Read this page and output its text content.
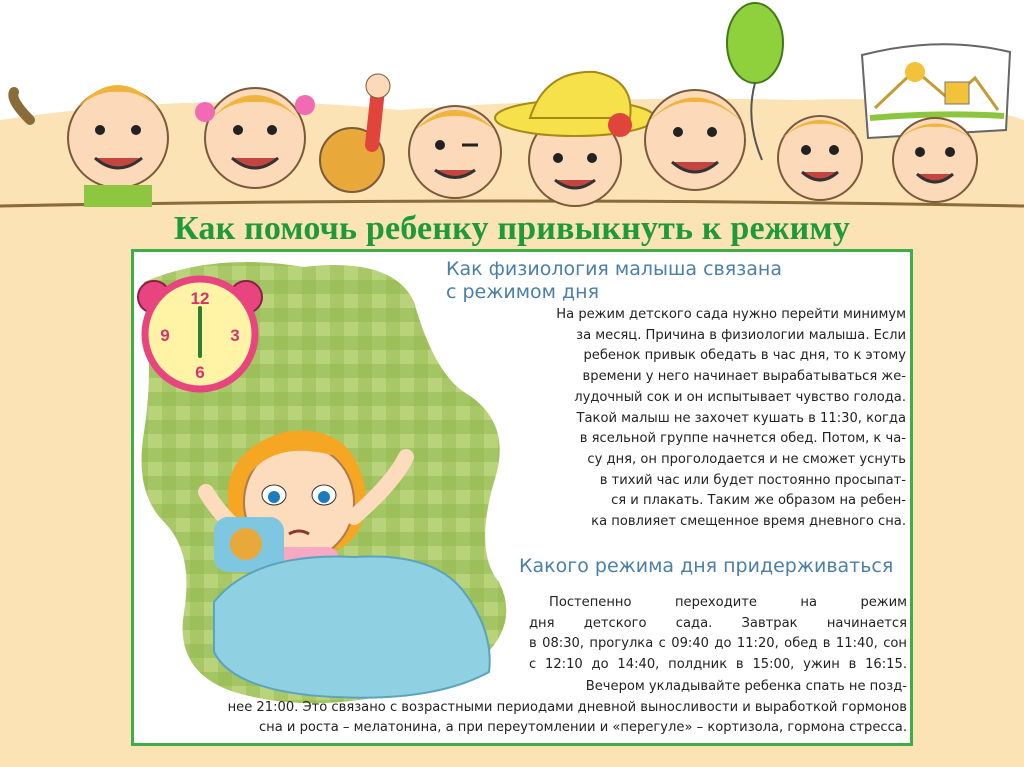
Как помочь ребенку привыкнуть к режиму
12
3
6
9
Как физиология малыша связана
с режимом дня
На режим детского сада нужно перейти минимум
за месяц. Причина в физиологии малыша. Если
ребенок привык обедать в час дня, то к этому
времени у него начинает вырабатываться же-
лудочный сок и он испытывает чувство голода.
Такой малыш не захочет кушать в 11:30, когда
в ясельной группе начнется обед. Потом, к ча-
су дня, он проголодается и не сможет уснуть
в тихий час или будет постоянно просыпат-
ся и плакать. Таким же образом на ребен-
ка повлияет смещенное время дневного сна.
Какого режима дня придерживаться
Постепенно переходите на режим
дня детского сада. Завтрак начинается
в 08:30, прогулка с 09:40 до 11:20, обед в 11:40, сон
с 12:10 до 14:40, полдник в 15:00, ужин в 16:15.
Вечером укладывайте ребенка спать не позд-
нее 21:00. Это связано с возрастными периодами дневной выносливости и выработкой гормонов
сна и роста – мелатонина, а при переутомлении и «перегуле» – кортизола, гормона стресса.
